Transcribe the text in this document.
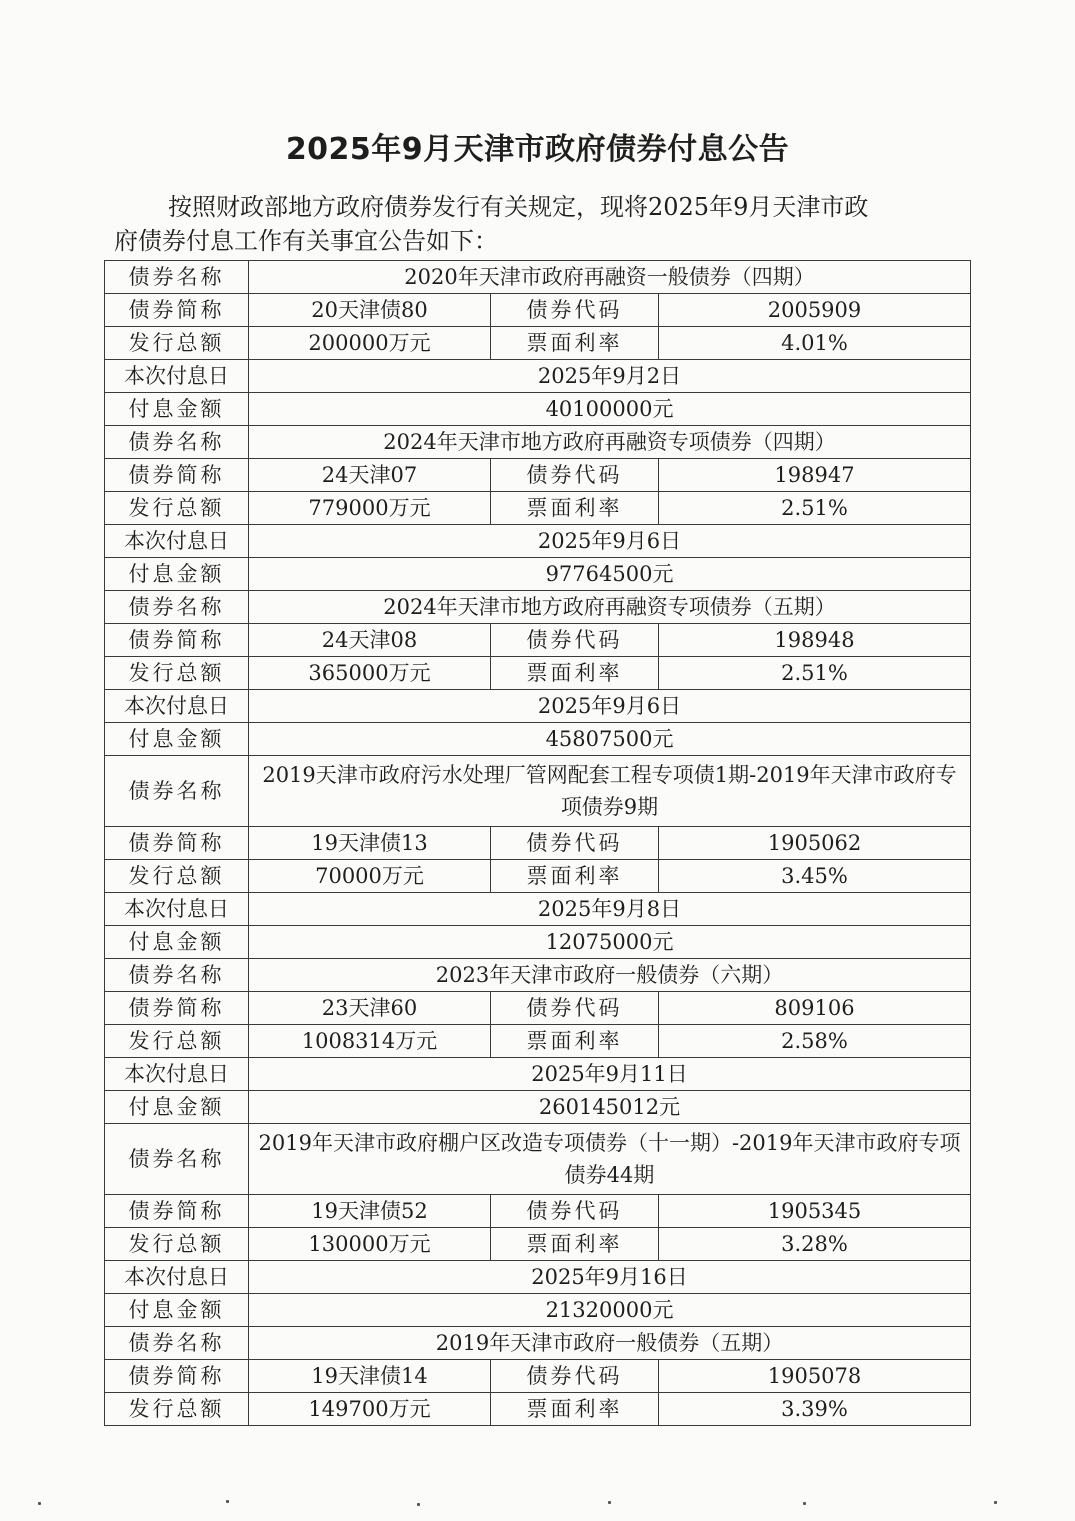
2025年9月天津市政府债券付息公告

按照财政部地方政府债券发行有关规定，现将2025年9月天津市政

府债券付息工作有关事宜公告如下：

债券名称	2020年天津市政府再融资一般债券（四期）		
债券简称	20天津债80	债券代码	2005909
发行总额	200000万元	票面利率	4.01%
本次付息日	2025年9月2日		
付息金额	40100000元		
债券名称	2024年天津市地方政府再融资专项债券（四期）		
债券简称	24天津07	债券代码	198947
发行总额	779000万元	票面利率	2.51%
本次付息日	2025年9月6日		
付息金额	97764500元		
债券名称	2024年天津市地方政府再融资专项债券（五期）		
债券简称	24天津08	债券代码	198948
发行总额	365000万元	票面利率	2.51%
本次付息日	2025年9月6日		
付息金额	45807500元		
债券名称	2019天津市政府污水处理厂管网配套工程专项债1期-2019年天津市政府专项债券9期		
债券简称	19天津债13	债券代码	1905062
发行总额	70000万元	票面利率	3.45%
本次付息日	2025年9月8日		
付息金额	12075000元		
债券名称	2023年天津市政府一般债券（六期）		
债券简称	23天津60	债券代码	809106
发行总额	1008314万元	票面利率	2.58%
本次付息日	2025年9月11日		
付息金额	260145012元		
债券名称	2019年天津市政府棚户区改造专项债券（十一期）-2019年天津市政府专项债券44期		
债券简称	19天津债52	债券代码	1905345
发行总额	130000万元	票面利率	3.28%
本次付息日	2025年9月16日		
付息金额	21320000元		
债券名称	2019年天津市政府一般债券（五期）		
债券简称	19天津债14	债券代码	1905078
发行总额	149700万元	票面利率	3.39%
